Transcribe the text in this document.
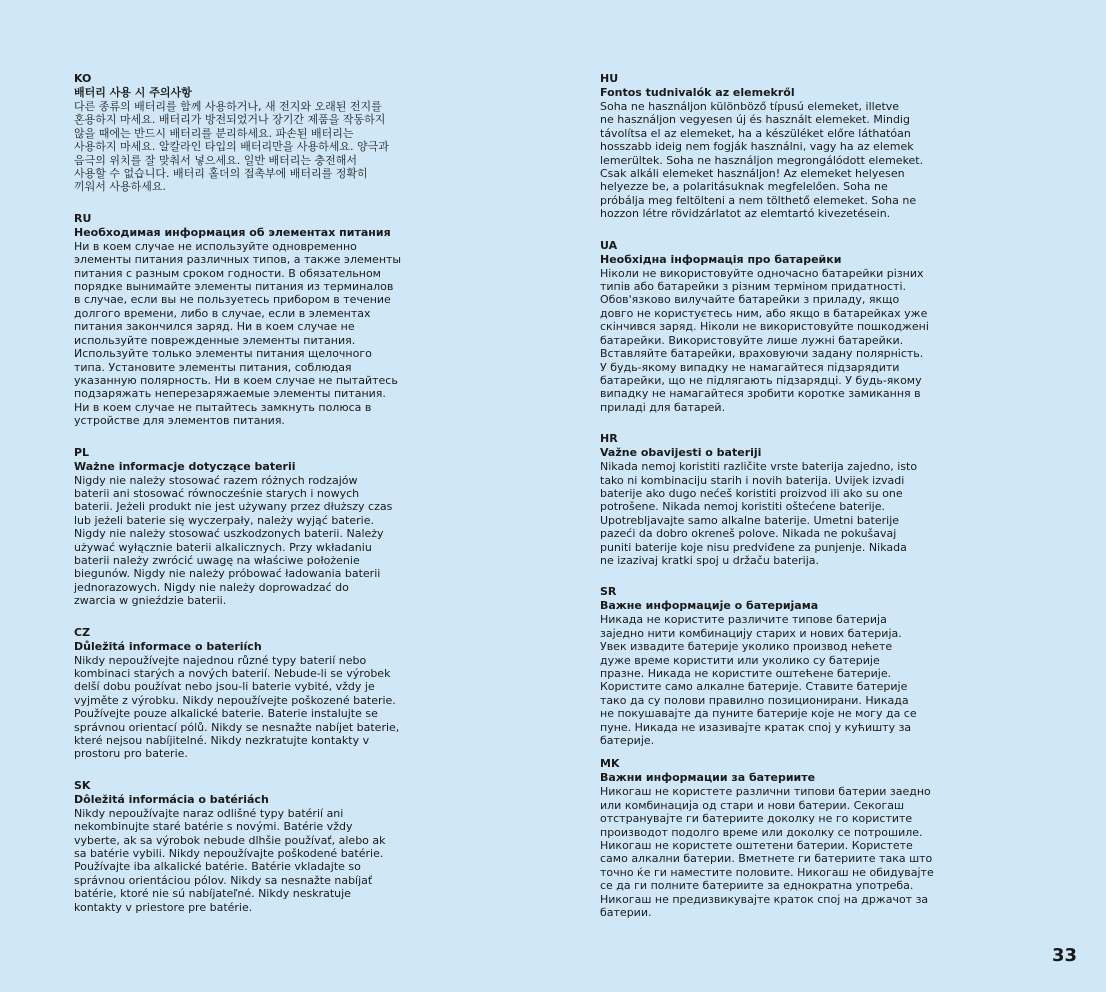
KO
배터리 사용 시 주의사항
다른 종류의 배터리를 함께 사용하거나, 새 전지와 오래된 전지를
혼용하지 마세요. 배터리가 방전되었거나 장기간 제품을 작동하지
않을 때에는 반드시 배터리를 분리하세요. 파손된 배터리는
사용하지 마세요. 알칼라인 타입의 배터리만을 사용하세요. 양극과
음극의 위치를 잘 맞춰서 넣으세요. 일반 배터리는 충전해서
사용할 수 없습니다. 배터리 홀더의 접촉부에 배터리를 정확히
끼워서 사용하세요.
RU
Необходимая информация об элементах питания
Ни в коем случае не используйте одновременно
элементы питания различных типов, а также элементы
питания с разным сроком годности. В обязательном
порядке вынимайте элементы питания из терминалов
в случае, если вы не пользуетесь прибором в течение
долгого времени, либо в случае, если в элементах
питания закончился заряд. Ни в коем случае не
используйте поврежденные элементы питания.
Используйте только элементы питания щелочного
типа. Установите элементы питания, соблюдая
указанную полярность. Ни в коем случае не пытайтесь
подзаряжать неперезаряжаемые элементы питания.
Ни в коем случае не пытайтесь замкнуть полюса в
устройстве для элементов питания.
PL
Ważne informacje dotyczące baterii
Nigdy nie należy stosować razem różnych rodzajów
baterii ani stosować równocześnie starych i nowych
baterii. Jeżeli produkt nie jest używany przez dłuższy czas
lub jeżeli baterie się wyczerpały, należy wyjąć baterie.
Nigdy nie należy stosować uszkodzonych baterii. Należy
używać wyłącznie baterii alkalicznych. Przy wkładaniu
baterii należy zwrócić uwagę na właściwe położenie
biegunów. Nigdy nie należy próbować ładowania baterii
jednorazowych. Nigdy nie należy doprowadzać do
zwarcia w gnieździe baterii.
CZ
Důležitá informace o bateriích
Nikdy nepoužívejte najednou různé typy baterií nebo
kombinaci starých a nových baterií. Nebude-li se výrobek
delší dobu používat nebo jsou-li baterie vybité, vždy je
vyjměte z výrobku. Nikdy nepoužívejte poškozené baterie.
Používejte pouze alkalické baterie. Baterie instalujte se
správnou orientací pólů. Nikdy se nesnažte nabíjet baterie,
které nejsou nabíjitelné. Nikdy nezkratujte kontakty v
prostoru pro baterie.
SK
Dôležitá informácia o batériách
Nikdy nepoužívajte naraz odlišné typy batérií ani
nekombinujte staré batérie s novými. Batérie vždy
vyberte, ak sa výrobok nebude dlhšie používať, alebo ak
sa batérie vybili. Nikdy nepoužívajte poškodené batérie.
Používajte iba alkalické batérie. Batérie vkladajte so
správnou orientáciou pólov. Nikdy sa nesnažte nabíjať
batérie, ktoré nie sú nabíjateľné. Nikdy neskratuje
kontakty v priestore pre batérie.
HU
Fontos tudnivalók az elemekről
Soha ne használjon különböző típusú elemeket, illetve
ne használjon vegyesen új és használt elemeket. Mindig
távolítsa el az elemeket, ha a készüléket előre láthatóan
hosszabb ideig nem fogják használni, vagy ha az elemek
lemerültek. Soha ne használjon megrongálódott elemeket.
Csak alkáli elemeket használjon! Az elemeket helyesen
helyezze be, a polaritásuknak megfelelően. Soha ne
próbálja meg feltölteni a nem tölthető elemeket. Soha ne
hozzon létre rövidzárlatot az elemtartó kivezetésein.
UA
Необхідна інформація про батарейки
Ніколи не використовуйте одночасно батарейки різних
типів або батарейки з різним терміном придатності.
Обов'язково вилучайте батарейки з приладу, якщо
довго не користуєтесь ним, або якщо в батарейках уже
скінчився заряд. Ніколи не використовуйте пошкоджені
батарейки. Використовуйте лише лужні батарейки.
Вставляйте батарейки, враховуючи задану полярність.
У будь-якому випадку не намагайтеся підзарядити
батарейки, що не підлягають підзарядці. У будь-якому
випадку не намагайтеся зробити коротке замикання в
приладі для батарей.
HR
Važne obavijesti o bateriji
Nikada nemoj koristiti različite vrste baterija zajedno, isto
tako ni kombinaciju starih i novih baterija. Uvijek izvadi
baterije ako dugo nećeš koristiti proizvod ili ako su one
potrošene. Nikada nemoj koristiti oštećene baterije.
Upotrebljavajte samo alkalne baterije. Umetni baterije
pazeći da dobro okreneš polove. Nikada ne pokušavaj
puniti baterije koje nisu predviđene za punjenje. Nikada
ne izazivaj kratki spoj u držaču baterija.
SR
Важне информације о батеријама
Никада не користите различите типове батерија
заједно нити комбинацију старих и нових батерија.
Увек извадите батерије уколико производ нећете
дуже време користити или уколико су батерије
празне. Никада не користите оштећене батерије.
Користите само алкалне батерије. Ставите батерије
тако да су полови правилно позиционирани. Никада
не покушавајте да пуните батерије које не могу да се
пуне. Никада не изазивајте кратак спој у кућишту за
батерије.
MK
Важни информации за батериите
Никогаш не користете различни типови батерии заедно
или комбинација од стари и нови батерии. Секогаш
отстранувајте ги батериите доколку не го користите
производот подолго време или доколку се потрошиле.
Никогаш не користете оштетени батерии. Користете
само алкални батерии. Вметнете ги батериите така што
точно ќе ги наместите половите. Никогаш не обидувајте
се да ги полните батериите за еднократна употреба.
Никогаш не предизвикувајте краток спој на држачот за
батерии.
33
